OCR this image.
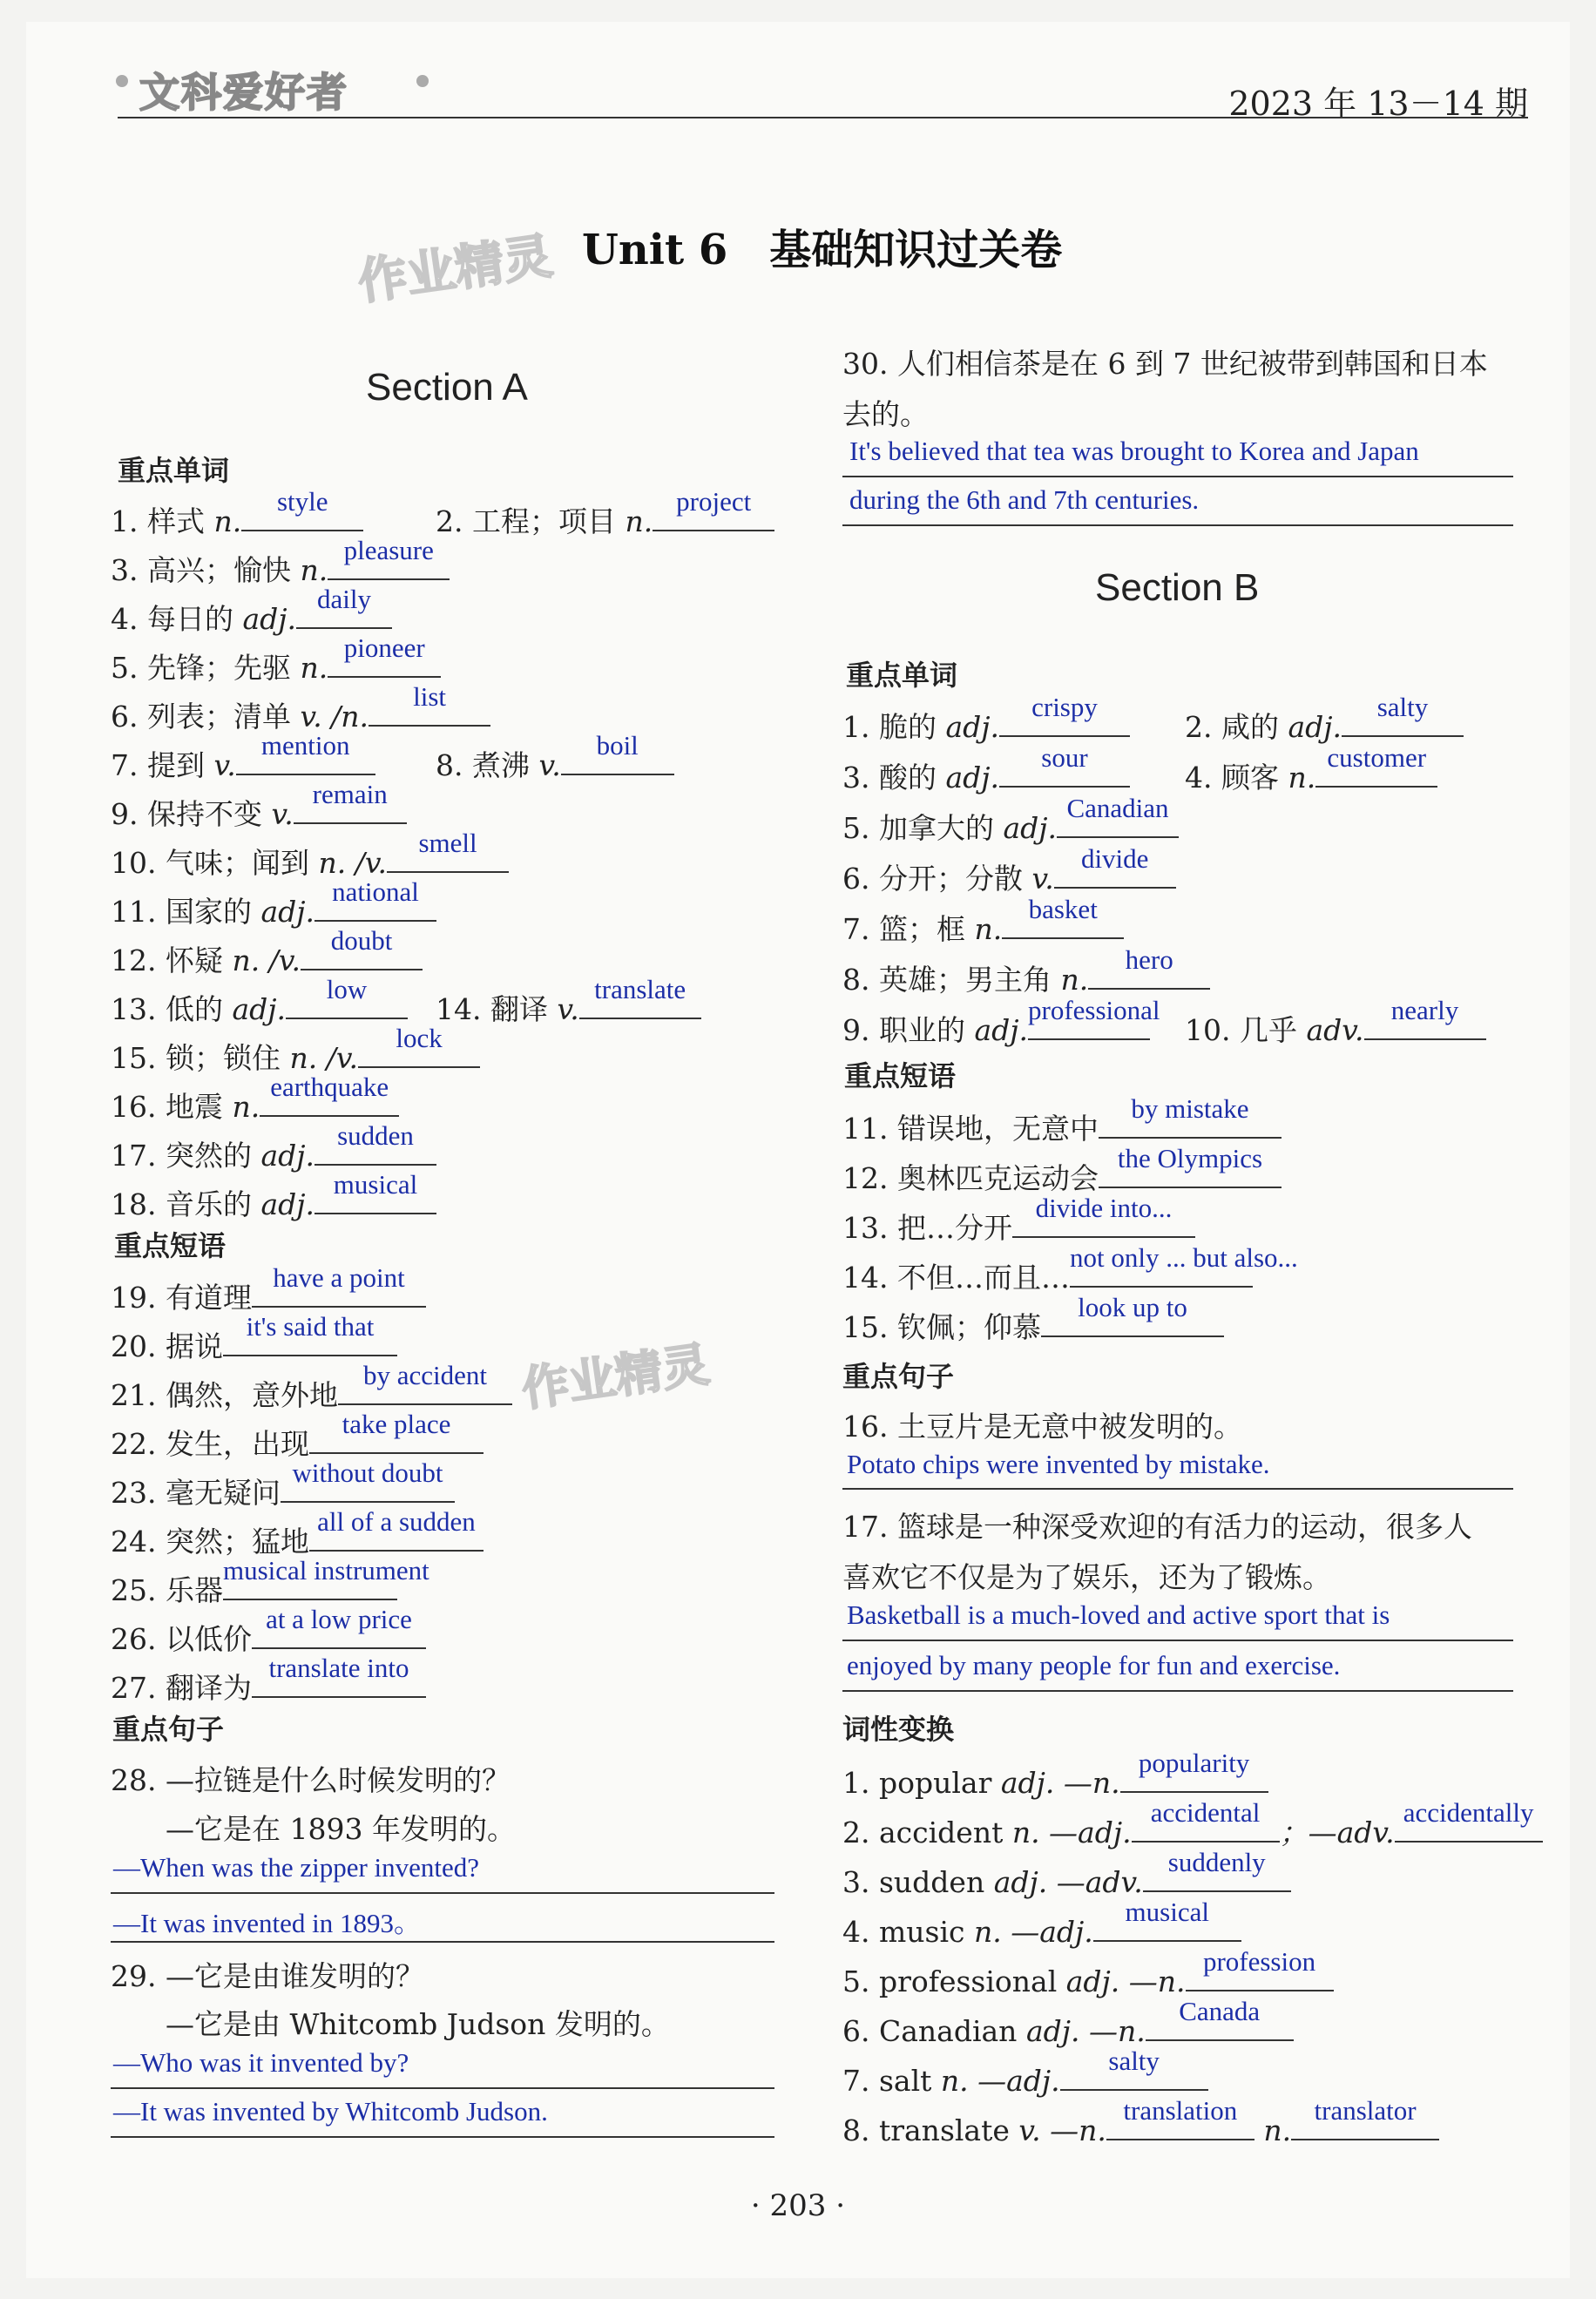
文科爱好者	2023 年 13－14 期
作业精灵
作业精灵
Unit 6　基础知识过关卷
Section A
重点单词
1. 样式 n.
style
2. 工程；项目 n.
project
3. 高兴；愉快 n.
pleasure
4. 每日的 adj.
daily
5. 先锋；先驱 n.
pioneer
6. 列表；清单 v. /n.
list
7. 提到 v.
mention
8. 煮沸 v.
boil
9. 保持不变 v.
remain
10. 气味；闻到 n. /v.
smell
11. 国家的 adj.
national
12. 怀疑 n. /v.
doubt
13. 低的 adj.
low
14. 翻译 v.
translate
15. 锁；锁住 n. /v.
lock
16. 地震 n.
earthquake
17. 突然的 adj.
sudden
18. 音乐的 adj.
musical
19. 有道理
have a point
20. 据说
it's said that
21. 偶然，意外地
by accident
22. 发生，出现
take place
23. 毫无疑问
without doubt
24. 突然；猛地
all of a sudden
25. 乐器
musical instrument
26. 以低价
at a low price
27. 翻译为
translate into
重点短语
重点句子
28. —拉链是什么时候发明的？
—它是在 1893 年发明的。
—When was the zipper invented?
—It was invented in 1893。
29. —它是由谁发明的？
—它是由 Whitcomb Judson 发明的。
—Who was it invented by?
—It was invented by Whitcomb Judson.
30. 人们相信茶是在 6 到 7 世纪被带到韩国和日本
去的。
It's believed that tea was brought to Korea and Japan
during the 6th and 7th centuries.
Section B
重点单词
1. 脆的 adj.
crispy
2. 咸的 adj.
salty
3. 酸的 adj.
sour
4. 顾客 n.
customer
5. 加拿大的 adj.
Canadian
6. 分开；分散 v.
divide
7. 篮；框 n.
basket
8. 英雄；男主角 n.
hero
9. 职业的 adj.
professional
10. 几乎 adv.
nearly
11. 错误地，无意中
by mistake
12. 奥林匹克运动会
the Olympics
13. 把…分开
divide into...
14. 不但…而且…
not only ... but also...
15. 钦佩；仰慕
look up to
重点短语
重点句子
16. 土豆片是无意中被发明的。
Potato chips were invented by mistake.
17. 篮球是一种深受欢迎的有活力的运动，很多人
喜欢它不仅是为了娱乐，还为了锻炼。
Basketball is a much-loved and active sport that is
enjoyed by many people for fun and exercise.
词性变换
1. popular adj. —n.
popularity
2. accident n. —adj.
accidental
；—adv.
accidentally
3. sudden adj. —adv.
suddenly
4. music n. —adj.
musical
5. professional adj. —n.
profession
6. Canadian adj. —n.
Canada
7. salt n. —adj.
salty
8. translate v. —n.
translation
n.
translator
· 203 ·
